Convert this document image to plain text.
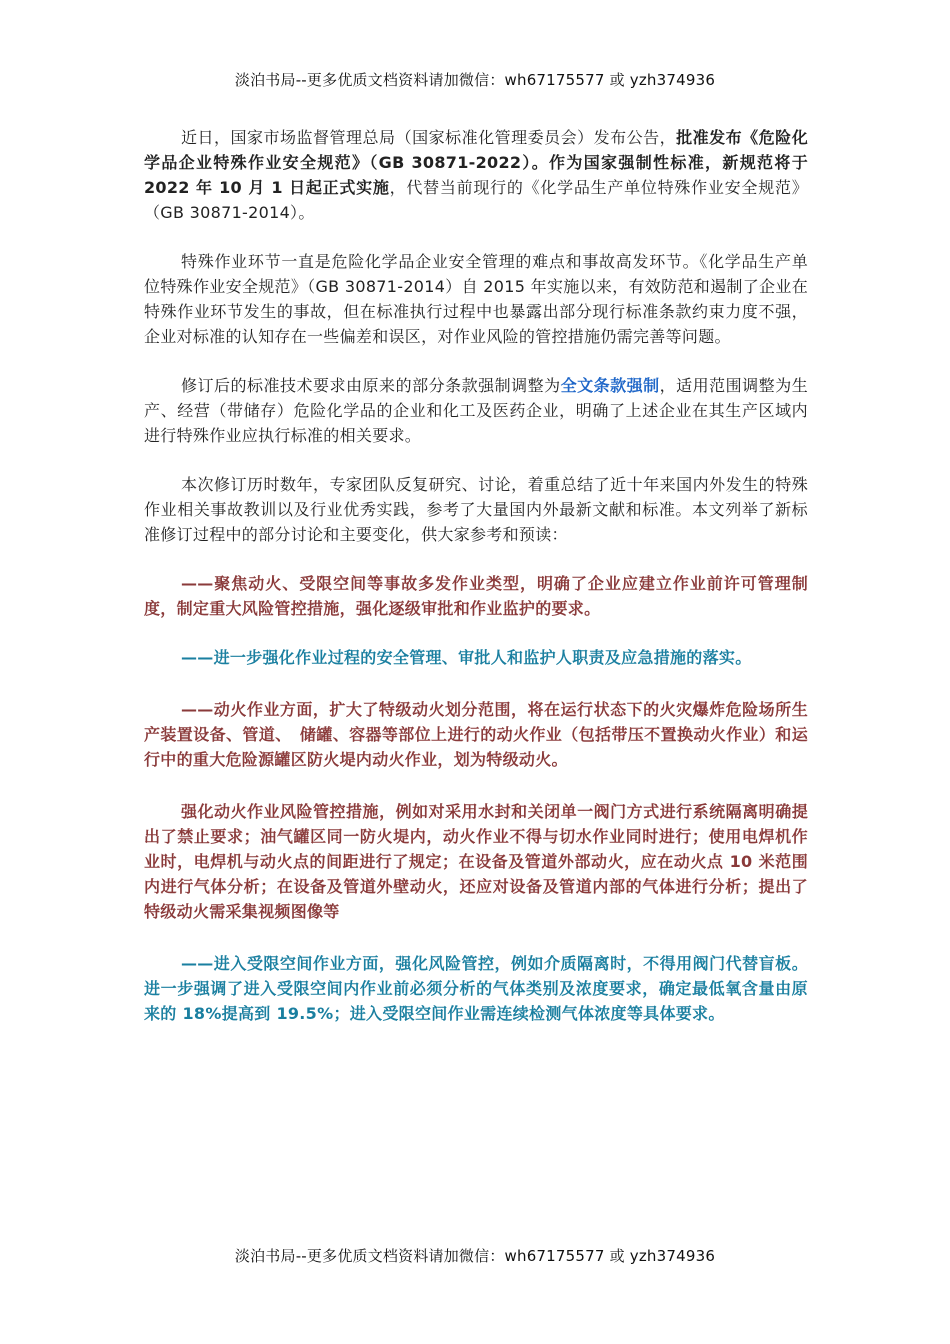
淡泊书局--更多优质文档资料请加微信：wh67175577 或 yzh374936

近日，国家市场监督管理总局（国家标准化管理委员会）发布公告，批准发布《危险化学品企业特殊作业安全规范》（GB 30871-2022）。作为国家强制性标准，新规范将于 2022 年 10 月 1 日起正式实施，代替当前现行的《化学品生产单位特殊作业安全规范》（GB 30871-2014）。

特殊作业环节一直是危险化学品企业安全管理的难点和事故高发环节。《化学品生产单位特殊作业安全规范》（GB 30871-2014）自 2015 年实施以来，有效防范和遏制了企业在特殊作业环节发生的事故，但在标准执行过程中也暴露出部分现行标准条款约束力度不强，企业对标准的认知存在一些偏差和误区，对作业风险的管控措施仍需完善等问题。

修订后的标准技术要求由原来的部分条款强制调整为全文条款强制，适用范围调整为生产、经营（带储存）危险化学品的企业和化工及医药企业，明确了上述企业在其生产区域内进行特殊作业应执行标准的相关要求。

本次修订历时数年，专家团队反复研究、讨论，着重总结了近十年来国内外发生的特殊作业相关事故教训以及行业优秀实践，参考了大量国内外最新文献和标准。本文列举了新标准修订过程中的部分讨论和主要变化，供大家参考和预读：

——聚焦动火、受限空间等事故多发作业类型，明确了企业应建立作业前许可管理制度，制定重大风险管控措施，强化逐级审批和作业监护的要求。

——进一步强化作业过程的安全管理、审批人和监护人职责及应急措施的落实。

——动火作业方面，扩大了特级动火划分范围，将在运行状态下的火灾爆炸危险场所生产装置设备、管道、　储罐、容器等部位上进行的动火作业（包括带压不置换动火作业）和运行中的重大危险源罐区防火堤内动火作业，划为特级动火。

强化动火作业风险管控措施，例如对采用水封和关闭单一阀门方式进行系统隔离明确提出了禁止要求；油气罐区同一防火堤内，动火作业不得与切水作业同时进行；使用电焊机作业时，电焊机与动火点的间距进行了规定；在设备及管道外部动火，应在动火点 10 米范围内进行气体分析；在设备及管道外壁动火，还应对设备及管道内部的气体进行分析；提出了特级动火需采集视频图像等

——进入受限空间作业方面，强化风险管控，例如介质隔离时，不得用阀门代替盲板。进一步强调了进入受限空间内作业前必须分析的气体类别及浓度要求，确定最低氧含量由原来的 18%提高到 19.5%；进入受限空间作业需连续检测气体浓度等具体要求。

淡泊书局--更多优质文档资料请加微信：wh67175577 或 yzh374936
